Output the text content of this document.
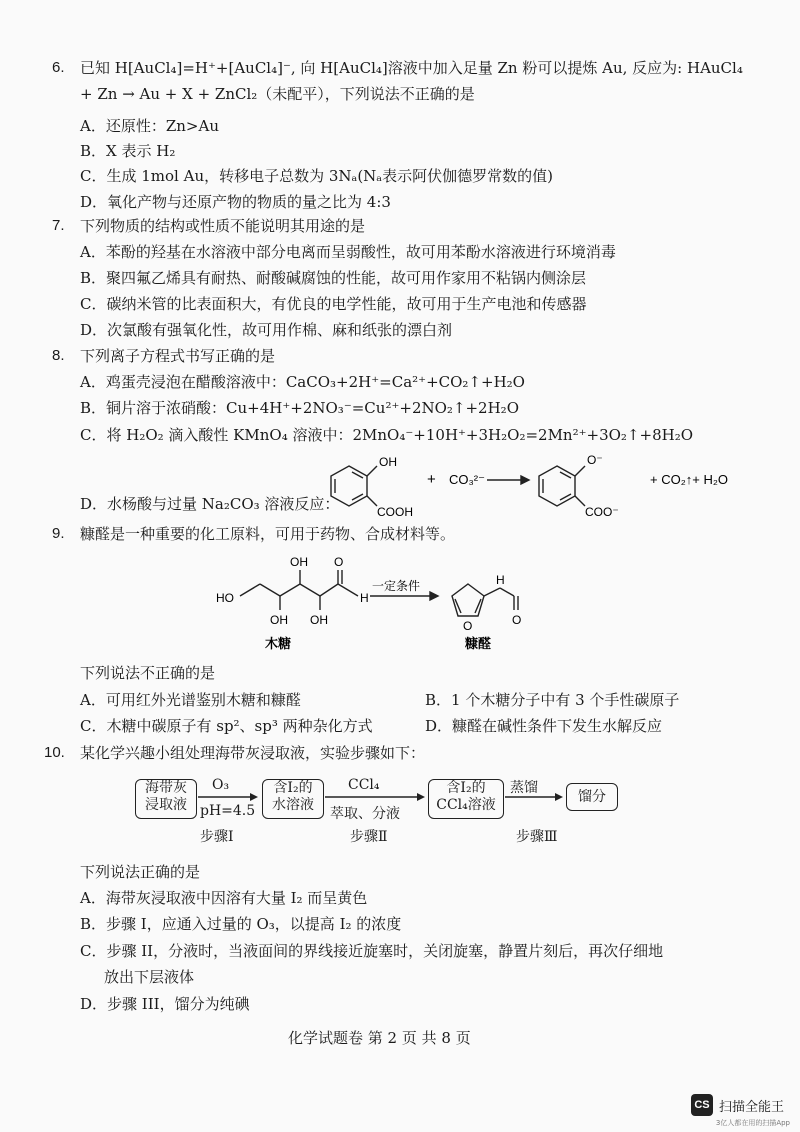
6. 已知 H[AuCl₄]=H⁺+[AuCl₄]⁻, 向 H[AuCl₄]溶液中加入足量 Zn 粉可以提炼 Au, 反应为: HAuCl₄
+ Zn → Au + X + ZnCl₂（未配平），下列说法不正确的是
A．还原性：Zn>Au
B．X 表示 H₂
C．生成 1mol Au，转移电子总数为 3Nₐ(Nₐ表示阿伏伽德罗常数的值)
D．氧化产物与还原产物的物质的量之比为 4:3
7. 下列物质的结构或性质不能说明其用途的是
A．苯酚的羟基在水溶液中部分电离而呈弱酸性，故可用苯酚水溶液进行环境消毒
B．聚四氟乙烯具有耐热、耐酸碱腐蚀的性能，故可用作家用不粘锅内侧涂层
C．碳纳米管的比表面积大，有优良的电学性能，故可用于生产电池和传感器
D．次氯酸有强氧化性，故可用作棉、麻和纸张的漂白剂
8. 下列离子方程式书写正确的是
A．鸡蛋壳浸泡在醋酸溶液中：CaCO₃+2H⁺=Ca²⁺+CO₂↑+H₂O
B．铜片溶于浓硝酸：Cu+4H⁺+2NO₃⁻=Cu²⁺+2NO₂↑+2H₂O
C．将 H₂O₂ 滴入酸性 KMnO₄ 溶液中：2MnO₄⁻+10H⁺+3H₂O₂=2Mn²⁺+3O₂↑+8H₂O
D．水杨酸与过量 Na₂CO₃ 溶液反应：
OH
COOH
+ CO₃²⁻
O⁻
COO⁻
+ CO₂↑+ H₂O
9. 糠醛是一种重要的化工原料，可用于药物、合成材料等。
HO
OH O
OH OH
H
木糖
一定条件
O
H
O
糠醛
下列说法不正确的是
A．可用红外光谱鉴别木糖和糠醛	B．1 个木糖分子中有 3 个手性碳原子
C．木糖中碳原子有 sp²、sp³ 两种杂化方式	D．糠醛在碱性条件下发生水解反应
10. 某化学兴趣小组处理海带灰浸取液，实验步骤如下：
海带灰
浸取液
O₃
pH=4.5
含I₂的
水溶液
CCl₄
萃取、分液
含I₂的
CCl₄溶液
蒸馏
馏分
步骤Ⅰ	步骤Ⅱ	步骤Ⅲ
下列说法正确的是
A．海带灰浸取液中因溶有大量 I₂ 而呈黄色
B．步骤 I，应通入过量的 O₃，以提高 I₂ 的浓度
C．步骤 II，分液时，当液面间的界线接近旋塞时，关闭旋塞，静置片刻后，再次仔细地
放出下层液体
D．步骤 III，馏分为纯碘
化学试题卷 第 2 页 共 8 页
CS 扫描全能王
3亿人都在用的扫描App
